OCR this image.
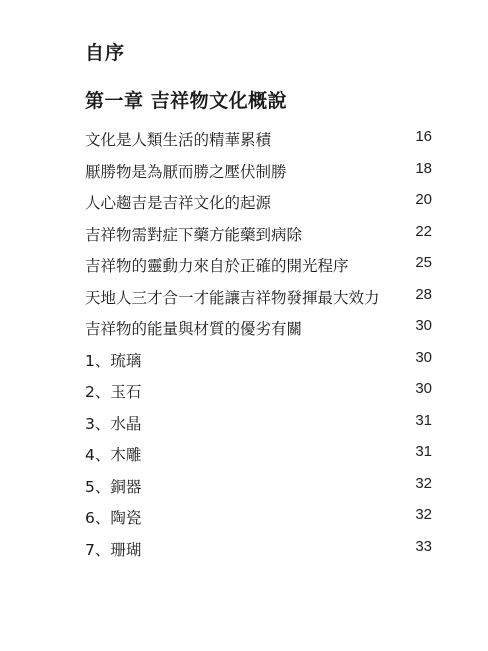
自序
第一章 吉祥物文化概說
文化是人類生活的精華累積	16
厭勝物是為厭而勝之壓伏制勝	18
人心趨吉是吉祥文化的起源	20
吉祥物需對症下藥方能藥到病除	22
吉祥物的靈動力來自於正確的開光程序	25
天地人三才合一才能讓吉祥物發揮最大效力 28
吉祥物的能量與材質的優劣有關	30
1、琉璃	30
2、玉石	30
3、水晶	31
4、木雕	31
5、銅器	32
6、陶瓷	32
7、珊瑚	33
